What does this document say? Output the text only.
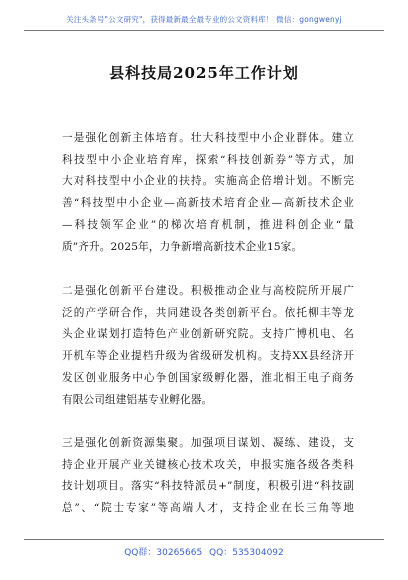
关注头条号"公文研究"，获得最新最全最专业的公文资料库！ 微信：gongwenyj
县科技局2025年工作计划

一是强化创新主体培育。壮大科技型中小企业群体。建立

科技型中小企业培育库，探索“科技创新券”等方式，加

大对科技型中小企业的扶持。实施高企倍增计划。不断完

善“科技型中小企业—高新技术培育企业—高新技术企业

—科技领军企业”的梯次培育机制，推进科创企业“量

质”齐升。2025年，力争新增高新技术企业15家。

二是强化创新平台建设。积极推动企业与高校院所开展广

泛的产学研合作，共同建设各类创新平台。依托柳丰等龙

头企业谋划打造特色产业创新研究院。支持广博机电、名

开机车等企业提档升级为省级研发机构。支持XX县经济开

发区创业服务中心争创国家级孵化器，淮北相王电子商务

有限公司组建铝基专业孵化器。

三是强化创新资源集聚。加强项目谋划、凝练、建设，支

持企业开展产业关键核心技术攻关，申报实施各级各类科

技计划项目。落实“科技特派员+”制度，积极引进“科技副

总”、“院士专家”等高端人才，支持企业在长三角等地

QQ群：30265665 QQ：535304092
